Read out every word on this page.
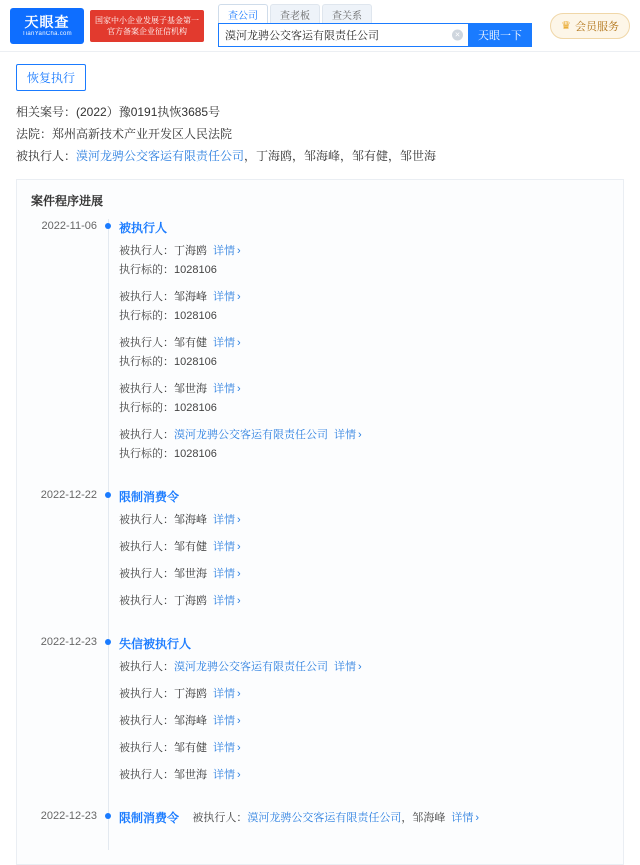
天眼查
TianYanCha.com
国家中小企业发展子基金第一
官方备案企业征信机构
查公司	查老板	查关系
漠河龙骋公交客运有限责任公司
×	天眼一下
♛ 会员服务
恢复执行
相关案号：(2022）豫0191执恢3685号
法院：郑州高新技术产业开发区人民法院
被执行人：漠河龙骋公交客运有限责任公司，丁海鸥，邹海峰，邹有健，邹世海
案件程序进展
2022-11-06 被执行人
被执行人：丁海鸥 详情 ›
执行标的：1028106
被执行人：邹海峰 详情 ›
执行标的：1028106
被执行人：邹有健 详情 ›
执行标的：1028106
被执行人：邹世海 详情 ›
执行标的：1028106
被执行人：漠河龙骋公交客运有限责任公司 详情 ›
执行标的：1028106
2022-12-22 限制消费令
被执行人：邹海峰 详情 ›
被执行人：邹有健 详情 ›
被执行人：邹世海 详情 ›
被执行人：丁海鸥 详情 ›
2022-12-23 失信被执行人
被执行人：漠河龙骋公交客运有限责任公司 详情 ›
被执行人：丁海鸥 详情 ›
被执行人：邹海峰 详情 ›
被执行人：邹有健 详情 ›
被执行人：邹世海 详情 ›
2022-12-23 限制消费令 被执行人：漠河龙骋公交客运有限责任公司，邹海峰 详情 ›
